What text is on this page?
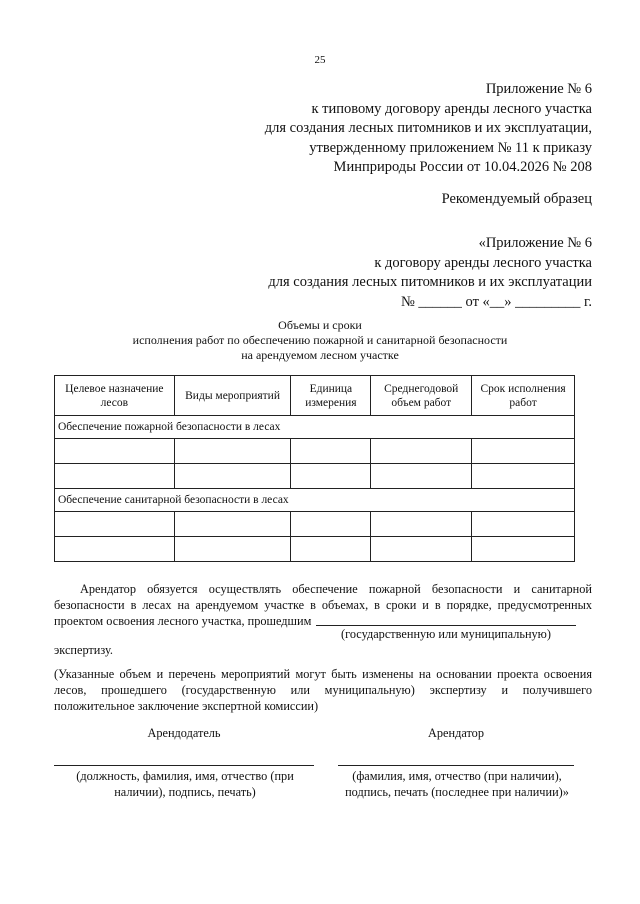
25
Приложение № 6
к типовому договору аренды лесного участка
для создания лесных питомников и их эксплуатации,
утвержденному приложением № 11 к приказу
Минприроды России от 10.04.2026 № 208
Рекомендуемый образец
«Приложение № 6
к договору аренды лесного участка
для создания лесных питомников и их эксплуатации
№ ______ от «__» _________ г.
Объемы и сроки
исполнения работ по обеспечению пожарной и санитарной безопасности
на арендуемом лесном участке
Целевое назначение лесов	Виды мероприятий	Единица измерения	Среднегодовой объем работ	Срок исполнения работ
Обеспечение пожарной безопасности в лесах				

Обеспечение санитарной безопасности в лесах				

Арендатор обязуется осуществлять обеспечение пожарной безопасности и санитарной безопасности в лесах на арендуемом участке в объемах, в сроки и в порядке, предусмотренных проектом освоения лесного участка, прошедшим
(государственную или муниципальную)
экспертизу.
(Указанные объем и перечень мероприятий могут быть изменены на основании проекта освоения лесов, прошедшего (государственную или муниципальную) экспертизу и получившего положительное заключение экспертной комиссии)
Арендодатель	Арендатор
(должность, фамилия, имя, отчество (при наличии), подпись, печать)
(фамилия, имя, отчество (при наличии), подпись, печать (последнее при наличии)»
